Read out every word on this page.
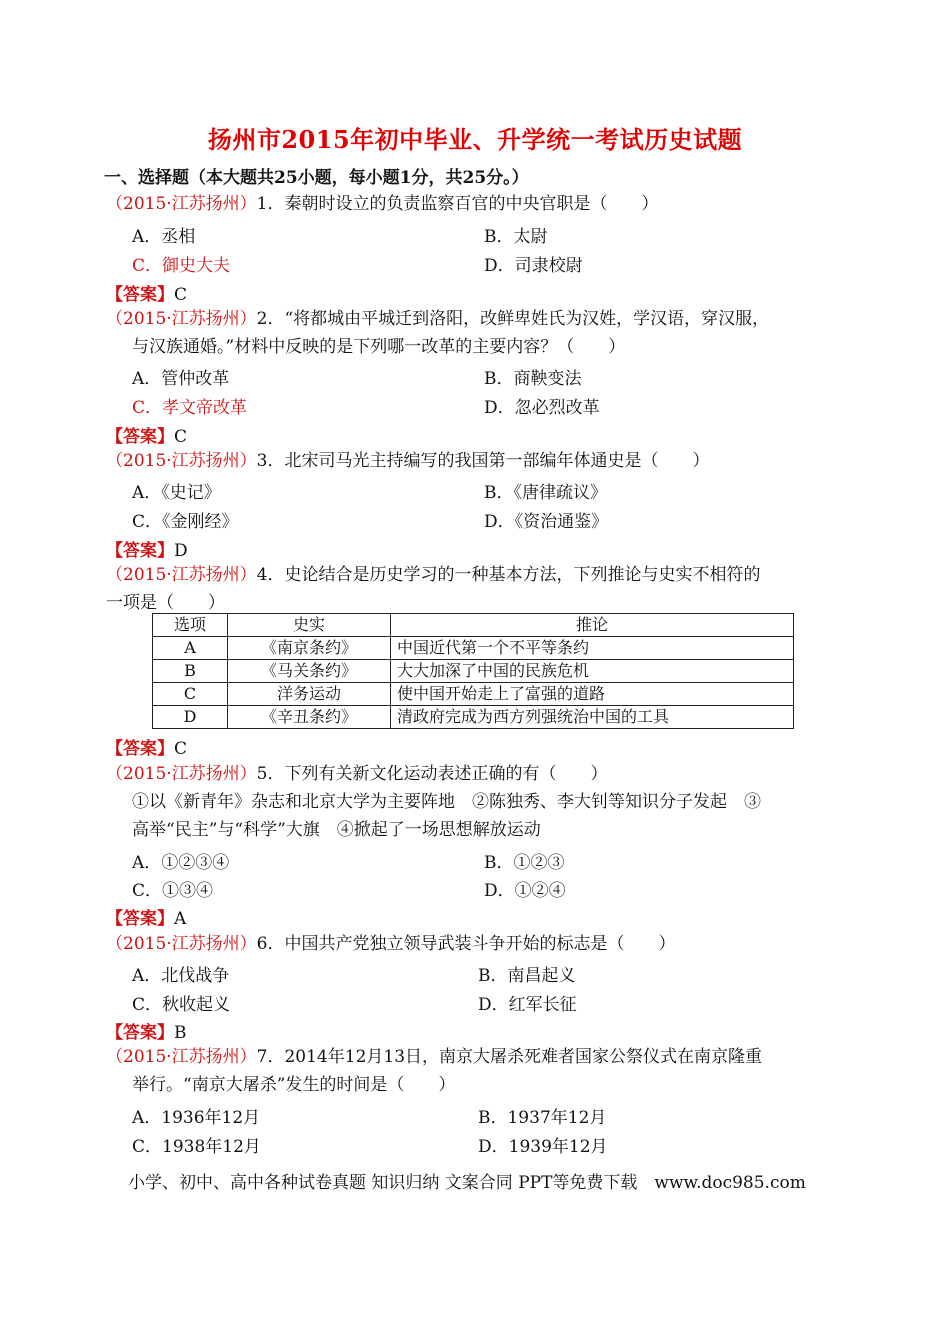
扬州市2015年初中毕业、升学统一考试历史试题
一、选择题（本大题共25小题，每小题1分，共25分。）
（2015·江苏扬州）1．秦朝时设立的负责监察百官的中央官职是（　　）
A．丞相	B．太尉
C．御史大夫	D．司隶校尉
【答案】C
（2015·江苏扬州）2．“将都城由平城迁到洛阳，改鲜卑姓氏为汉姓，学汉语，穿汉服，
与汉族通婚。”材料中反映的是下列哪一改革的主要内容？（　　）
A．管仲改革	B．商鞅变法
C．孝文帝改革	D．忽必烈改革
【答案】C
（2015·江苏扬州）3．北宋司马光主持编写的我国第一部编年体通史是（　　）
A．《史记》	B．《唐律疏议》
C．《金刚经》	D．《资治通鉴》
【答案】D
（2015·江苏扬州）4．史论结合是历史学习的一种基本方法，下列推论与史实不相符的
一项是（　　）
选项	史实	推论
A	《南京条约》	中国近代第一个不平等条约
B	《马关条约》	大大加深了中国的民族危机
C	洋务运动	使中国开始走上了富强的道路
D	《辛丑条约》	清政府完成为西方列强统治中国的工具
【答案】C
（2015·江苏扬州）5．下列有关新文化运动表述正确的有（　　）
①以《新青年》杂志和北京大学为主要阵地　②陈独秀、李大钊等知识分子发起　③
高举“民主”与“科学”大旗　④掀起了一场思想解放运动
A．①②③④	B．①②③
C．①③④	D．①②④
【答案】A
（2015·江苏扬州）6．中国共产党独立领导武装斗争开始的标志是（　　）
A．北伐战争	B．南昌起义
C．秋收起义	D．红军长征
【答案】B
（2015·江苏扬州）7．2014年12月13日，南京大屠杀死难者国家公祭仪式在南京隆重
举行。“南京大屠杀”发生的时间是（　　）
A．1936年12月	B．1937年12月
C．1938年12月	D．1939年12月
小学、初中、高中各种试卷真题 知识归纳 文案合同 PPT等免费下载　www.doc985.com
